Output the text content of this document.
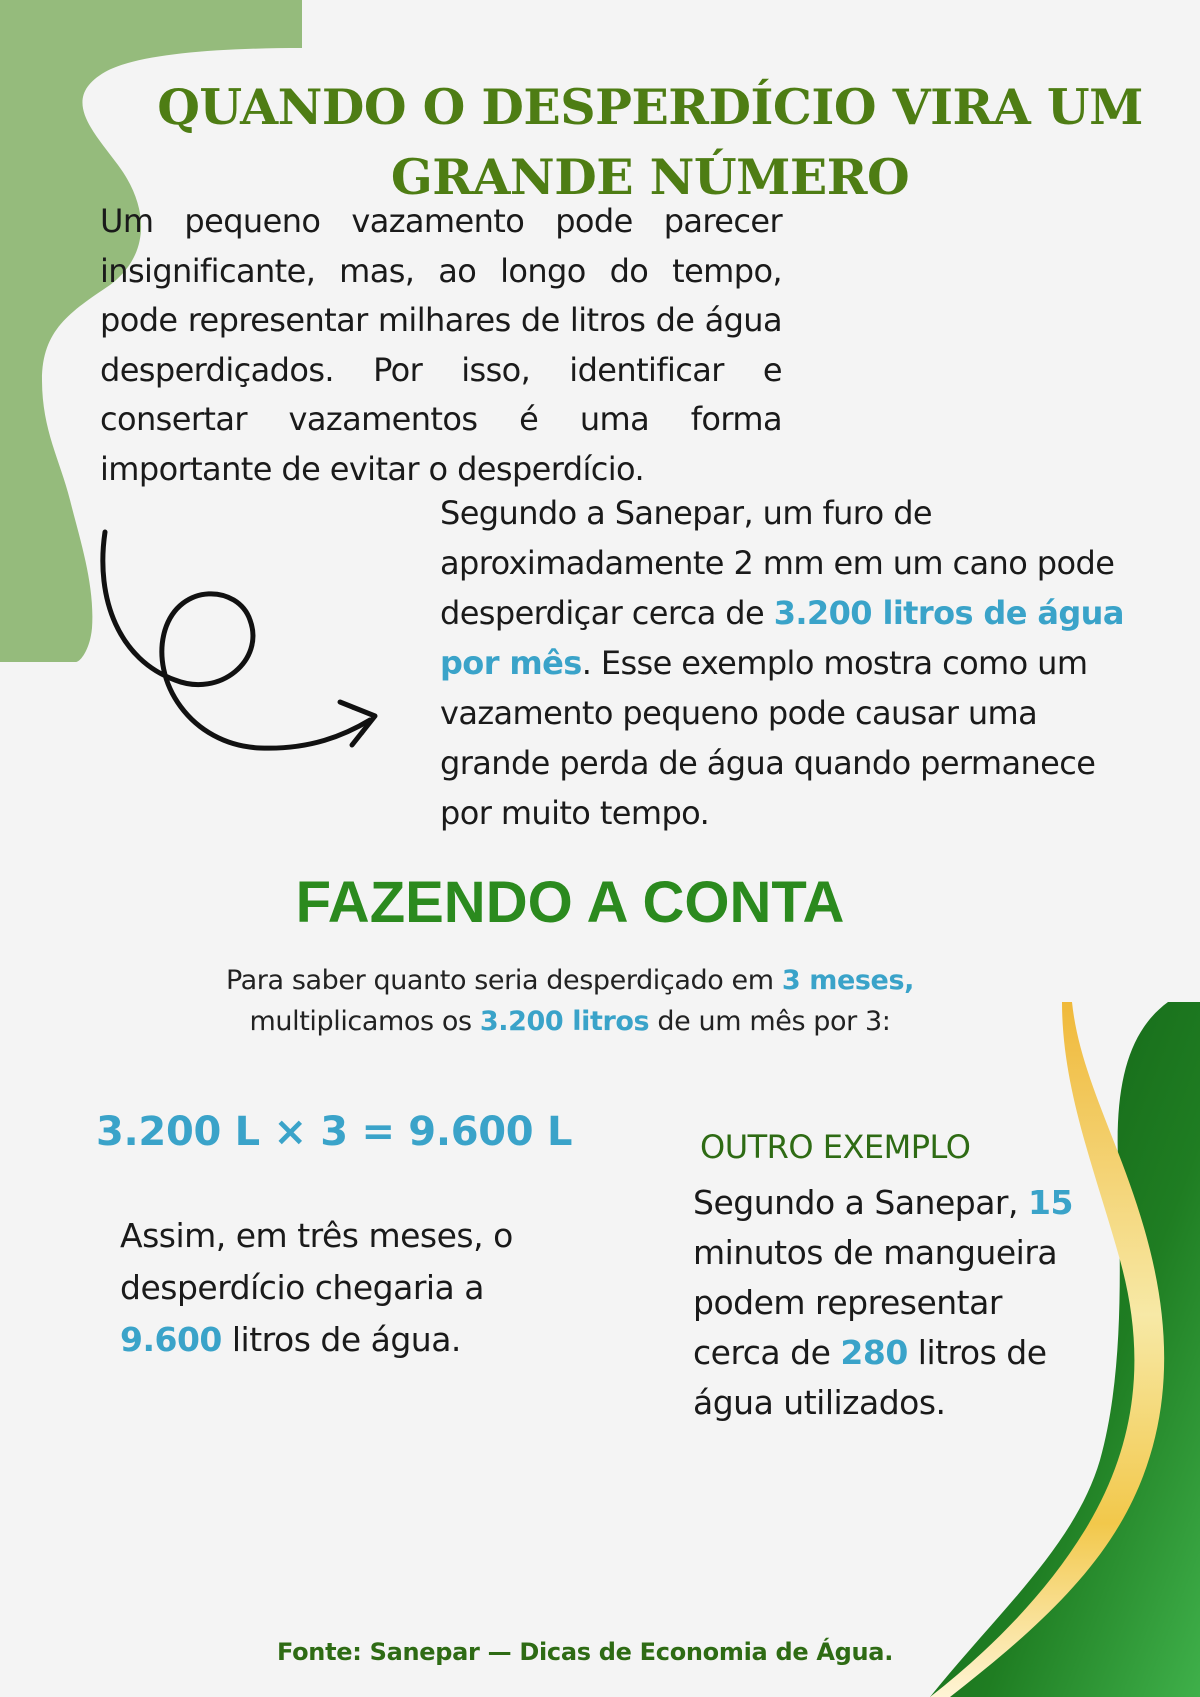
QUANDO O DESPERDÍCIO VIRA UM
GRANDE NÚMERO

Um pequeno vazamento pode parecer insignificante, mas, ao longo do tempo, pode representar milhares de litros de água desperdiçados. Por isso, identificar e consertar vazamentos é uma forma importante de evitar o desperdício.

Segundo a Sanepar, um furo de aproximadamente 2 mm em um cano pode desperdiçar cerca de 3.200 litros de água por mês. Esse exemplo mostra como um vazamento pequeno pode causar uma grande perda de água quando permanece por muito tempo.

FAZENDO A CONTA

Para saber quanto seria desperdiçado em 3 meses,
multiplicamos os 3.200 litros de um mês por 3:

3.200 L × 3 = 9.600 L

Assim, em três meses, o desperdício chegaria a 9.600 litros de água.

OUTRO EXEMPLO

Segundo a Sanepar, 15 minutos de mangueira podem representar cerca de 280 litros de água utilizados.

Fonte: Sanepar — Dicas de Economia de Água.
